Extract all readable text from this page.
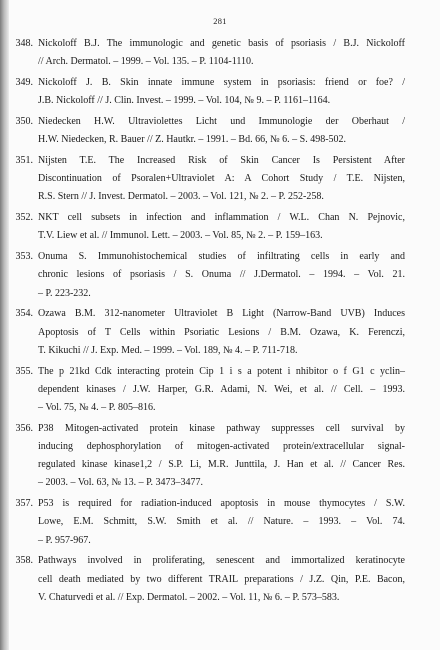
281
348. Nickoloff B.J. The immunologic and genetic basis of psoriasis / B.J. Nickoloff
// Arch. Dermatol. – 1999. – Vol. 135. – P. 1104-1110.
349. Nickoloff J. B. Skin innate immune system in psoriasis: friend or foe? /
J.B. Nickoloff // J. Clin. Invest. – 1999. – Vol. 104, № 9. – P. 1161–1164.
350. Niedecken H.W. Ultraviolettes Licht und Immunologie der Oberhaut /
H.W. Niedecken, R. Bauer // Z. Hautkr. – 1991. – Bd. 66, № 6. – S. 498-502.
351. Nijsten T.E. The Increased Risk of Skin Cancer Is Persistent After
Discontinuation of Psoralen+Ultraviolet A: A Cohort Study / T.E. Nijsten,
R.S. Stern // J. Invest. Dermatol. – 2003. – Vol. 121, № 2. – P. 252-258.
352. NKT cell subsets in infection and inflammation / W.L. Chan N. Pejnovic,
T.V. Liew et al. // Immunol. Lett. – 2003. – Vol. 85, № 2. – P. 159–163.
353. Onuma S. Immunohistochemical studies of infiltrating cells in early and
chronic lesions of psoriasis / S. Onuma // J.Dermatol. – 1994. – Vol. 21.
– P. 223-232.
354. Ozawa B.M. 312-nanometer Ultraviolet B Light (Narrow-Band UVB) Induces
Apoptosis of T Cells within Psoriatic Lesions / B.M. Ozawa, K. Ferenczi,
T. Kikuchi // J. Exp. Med. – 1999. – Vol. 189, № 4. – P. 711-718.
355. The p 21kd Cdk interacting protein Cip 1 i s a potent i nhibitor o f G1 c yclin–
dependent kinases / J.W. Harper, G.R. Adami, N. Wei, et al. // Cell. – 1993.
– Vol. 75, № 4. – P. 805–816.
356. P38 Mitogen-activated protein kinase pathway suppresses cell survival by
inducing dephosphorylation of mitogen-activated protein/extracellular signal-
regulated kinase kinase1,2 / S.P. Li, M.R. Junttila, J. Han et al. // Cancer Res.
– 2003. – Vol. 63, № 13. – P. 3473–3477.
357. P53 is required for radiation-induced apoptosis in mouse thymocytes / S.W.
Lowe, E.M. Schmitt, S.W. Smith et al. // Nature. – 1993. – Vol. 74.
– P. 957-967.
358. Pathways involved in proliferating, senescent and immortalized keratinocyte
cell death mediated by two different TRAIL preparations / J.Z. Qin, P.E. Bacon,
V. Chaturvedi et al. // Exp. Dermatol. – 2002. – Vol. 11, № 6. – P. 573–583.
